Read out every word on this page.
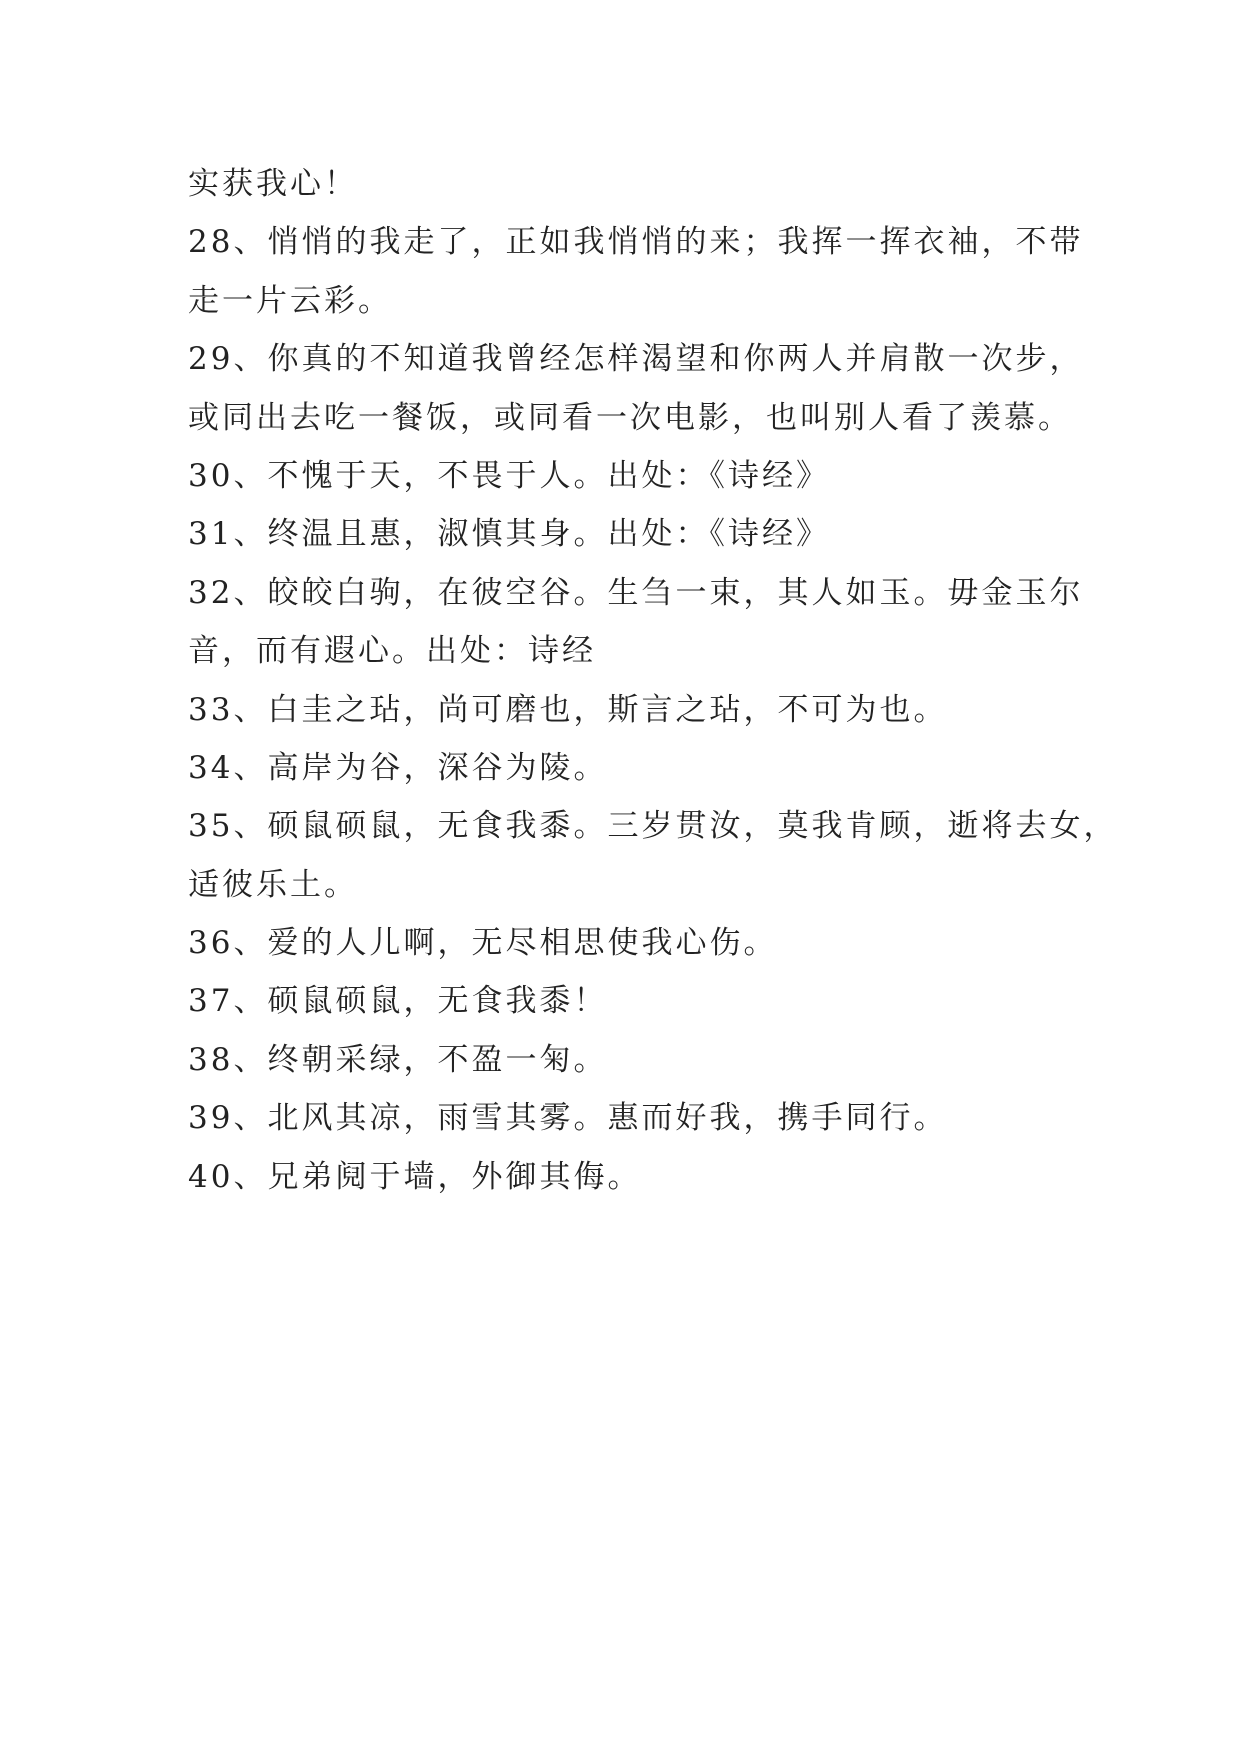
实获我心！

28、悄悄的我走了，正如我悄悄的来；我挥一挥衣袖，不带

走一片云彩。

29、你真的不知道我曾经怎样渴望和你两人并肩散一次步，

或同出去吃一餐饭，或同看一次电影，也叫别人看了羡慕。

30、不愧于天，不畏于人。出处：《诗经》

31、终温且惠，淑慎其身。出处：《诗经》

32、皎皎白驹，在彼空谷。生刍一束，其人如玉。毋金玉尔

音，而有遐心。出处：诗经

33、白圭之玷，尚可磨也，斯言之玷，不可为也。

34、高岸为谷，深谷为陵。

35、硕鼠硕鼠，无食我黍。三岁贯汝，莫我肯顾，逝将去女，

适彼乐土。

36、爱的人儿啊，无尽相思使我心伤。

37、硕鼠硕鼠，无食我黍！

38、终朝采绿，不盈一匊。

39、北风其凉，雨雪其雾。惠而好我，携手同行。

40、兄弟阋于墙，外御其侮。
